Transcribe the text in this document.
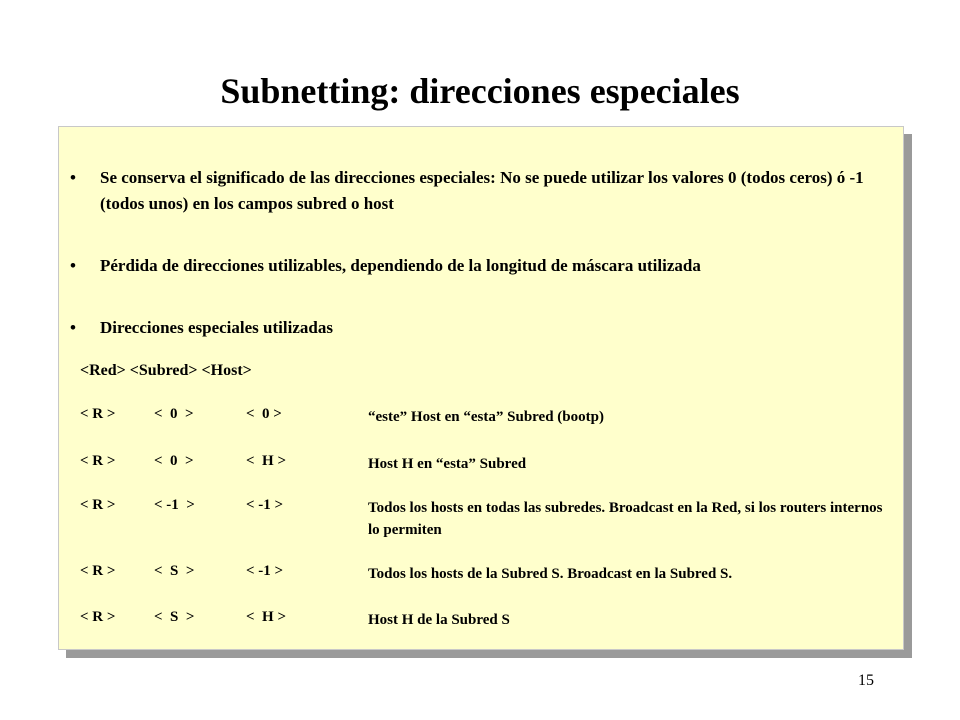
Subnetting: direcciones especiales
• Se conserva el significado de las direcciones especiales: No se puede utilizar los valores 0 (todos ceros) ó -1 (todos unos) en los campos subred o host
• Pérdida de direcciones utilizables, dependiendo de la longitud de máscara utilizada
• Direcciones especiales utilizadas
<Red> <Subred> <Host>
< R >	<  0  >	<  0 >	“este” Host en “esta” Subred (bootp)
< R >	<  0  >	<  H >	Host H en “esta” Subred
< R >	< -1  >	< -1 >	Todos los hosts en todas las subredes. Broadcast en la Red, si los routers internos lo permiten
< R >	<  S  >	< -1 >	Todos los hosts de la Subred S. Broadcast en la Subred S.
< R >	<  S  >	<  H >	Host H de la Subred S
15
